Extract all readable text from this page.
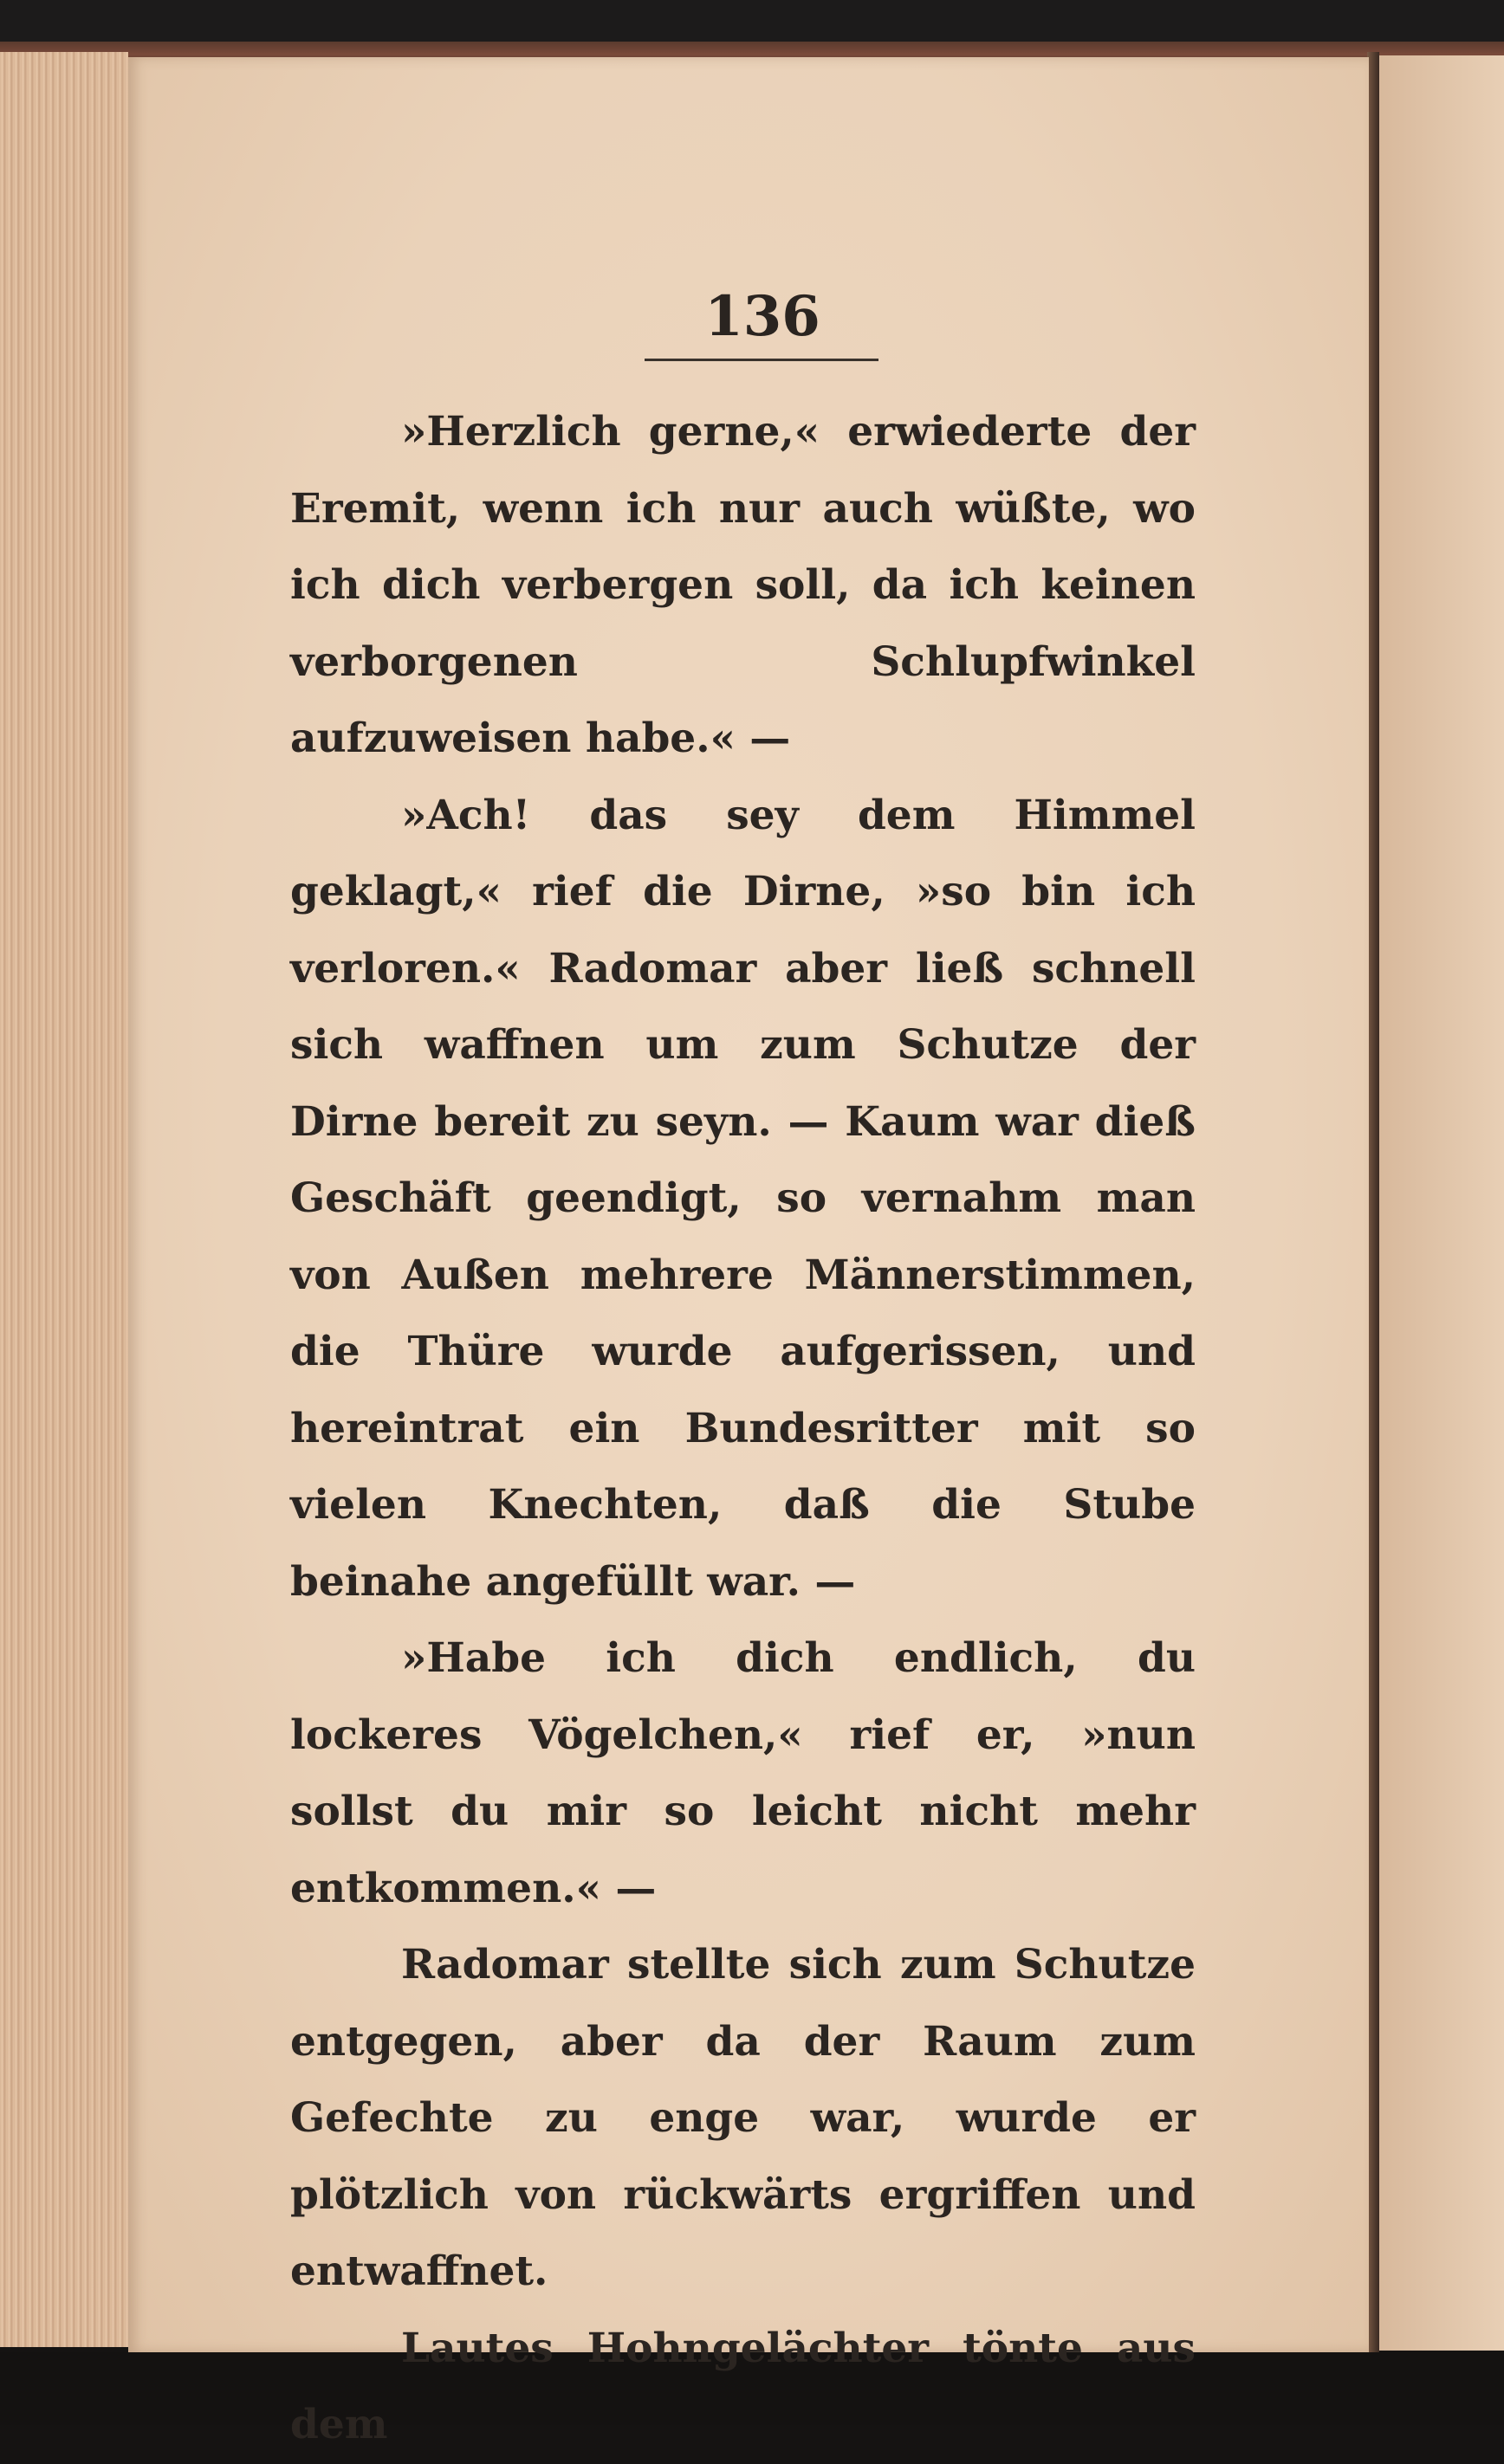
136

»Herzlich gerne,« erwiederte der Eremit, wenn ich nur auch wüßte, wo ich dich verbergen soll, da ich keinen verborgenen Schlupfwinkel aufzuweisen habe.« —

»Ach! das sey dem Himmel geklagt,« rief die Dirne, »so bin ich verloren.« Radomar aber ließ schnell sich waffnen um zum Schutze der Dirne bereit zu seyn. — Kaum war dieß Geschäft geendigt, so vernahm man von Außen mehrere Männerstimmen, die Thüre wurde aufgerissen, und hereintrat ein Bundesritter mit so vielen Knechten, daß die Stube beinahe angefüllt war. —

»Habe ich dich endlich, du lockeres Vögelchen,« rief er, »nun sollst du mir so leicht nicht mehr entkommen.« —

Radomar stellte sich zum Schutze entgegen, aber da der Raum zum Gefechte zu enge war, wurde er plötzlich von rückwärts ergriffen und entwaffnet.

Lautes Hohngelächter tönte aus dem
